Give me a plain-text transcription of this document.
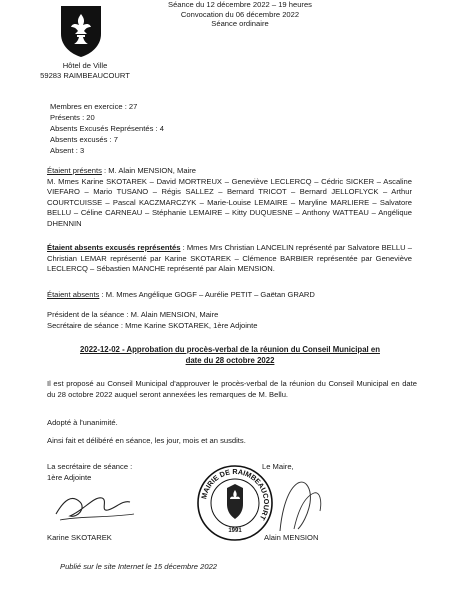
Séance du 12 décembre 2022 – 19 heures
Convocation du 06 décembre 2022
Séance ordinaire
Hôtel de Ville
59283 RAIMBEAUCOURT
Membres en exercice : 27
Présents : 20
Absents Excusés Représentés : 4
Absents excusés : 7
Absent : 3
Étaient présents : M. Alain MENSION, Maire
M. Mmes Karine SKOTAREK – David MORTREUX – Geneviève LECLERCQ – Cédric SICKER – Ascaline VIEFARO – Mario TUSANO – Régis SALLEZ – Bernard TRICOT – Bernard JELLOFLYCK – Arthur COURTCUISSE – Pascal KACZMARCZYK – Marie-Louise LEMAIRE – Maryline MARLIERE – Salvatore BELLU – Céline CARNEAU – Stéphanie LEMAIRE – Kitty DUQUESNE – Anthony WATTEAU – Angélique DHENNIN
Étaient absents excusés représentés : Mmes Mrs Christian LANCELIN représenté par Salvatore BELLU – Christian LEMAR représenté par Karine SKOTAREK – Clémence BARBIER représentée par Geneviève LECLERCQ – Sébastien MANCHE représenté par Alain MENSION.
Étaient absents : M. Mmes Angélique GOGF – Aurélie PETIT – Gaëtan GRARD
Président de la séance : M. Alain MENSION, Maire
Secrétaire de séance : Mme Karine SKOTAREK, 1ère Adjointe
2022-12-02 - Approbation du procès-verbal de la réunion du Conseil Municipal en
date du 28 octobre 2022
Il est proposé au Conseil Municipal d'approuver le procès-verbal de la réunion du Conseil Municipal en date du 28 octobre 2022 auquel seront annexées les remarques de M. Bellu.
Adopté à l'unanimité.
Ainsi fait et délibéré en séance, les jour, mois et an susdits.
La secrétaire de séance :
1ère Adjointe
MAIRIE DE RAIMBEAUCOURT
1991
Le Maire,
Karine SKOTAREK	Alain MENSION
Publié sur le site Internet le 15 décembre 2022
